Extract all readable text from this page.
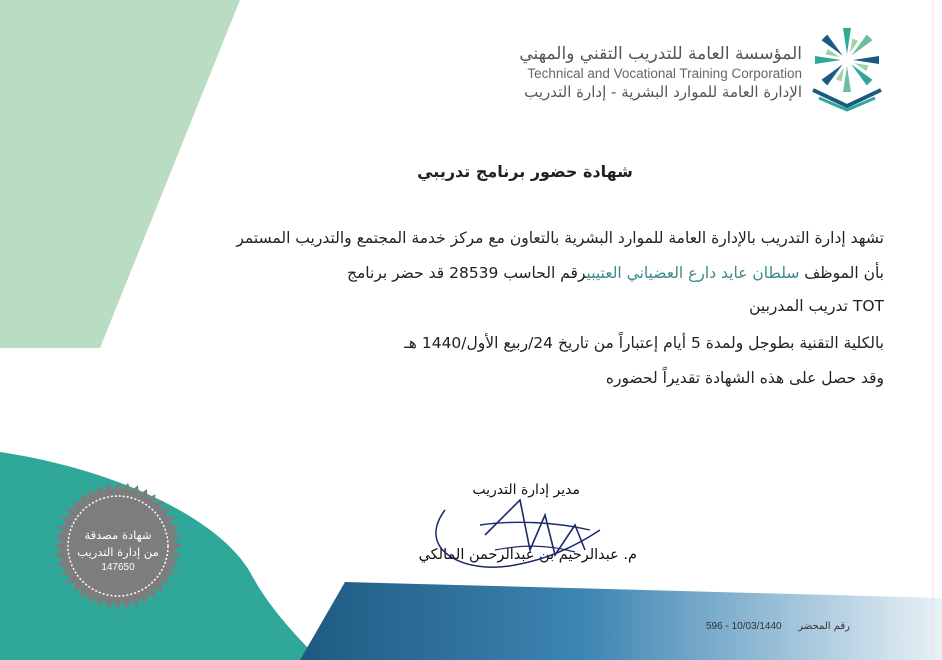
المؤسسة العامة للتدريب التقني والمهني
Technical and Vocational Training Corporation
الإدارة العامة للموارد البشرية - إدارة التدريب
شهادة حضور برنامج تدريبي
تشهد إدارة التدريب بالإدارة العامة للموارد البشرية بالتعاون مع مركز خدمة المجتمع والتدريب المستمر
بأن الموظف سلطان عايد دارع العضياني العتيبيرقم الحاسب 28539 قد حضر برنامج
TOT تدريب المدربين
بالكلية التقنية بطوجل ولمدة 5 أيام إعتباراً من تاريخ 24/ربيع الأول/1440 هـ
وقد حصل على هذه الشهادة تقديراً لحضوره
مدير إدارة التدريب
م. عبدالرحيم بن عبدالرحمن المالكي
شهادة مصدقة
من إدارة التدريب
147650
رقم المحضر
596 - 10/03/1440
